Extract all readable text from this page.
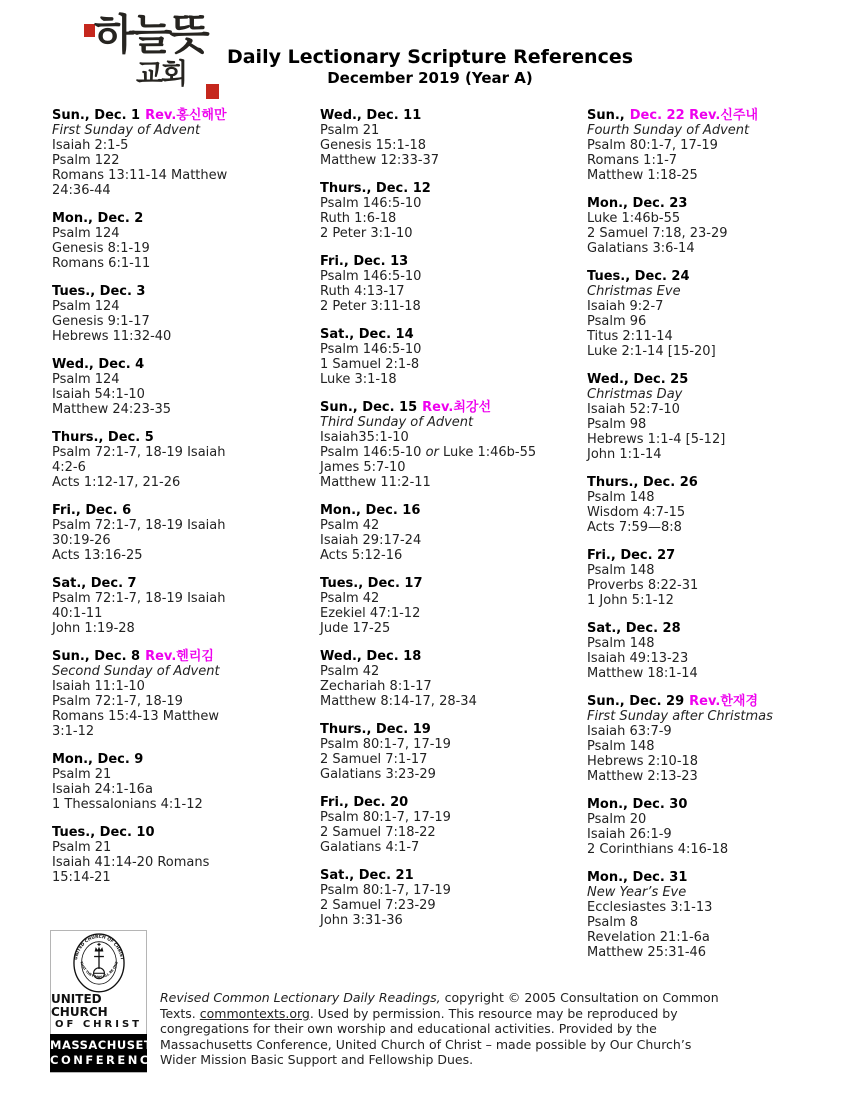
하늘뜻
교회	Daily Lectionary Scripture References
December 2019 (Year A)
Sun., Dec. 1 Rev.홍신해만
First Sunday of Advent
Isaiah 2:1-5
Psalm 122
Romans 13:11-14 Matthew
24:36-44
Mon., Dec. 2
Psalm 124
Genesis 8:1-19
Romans 6:1-11
Tues., Dec. 3
Psalm 124
Genesis 9:1-17
Hebrews 11:32-40
Wed., Dec. 4
Psalm 124
Isaiah 54:1-10
Matthew 24:23-35
Thurs., Dec. 5
Psalm 72:1-7, 18-19 Isaiah
4:2-6
Acts 1:12-17, 21-26
Fri., Dec. 6
Psalm 72:1-7, 18-19 Isaiah
30:19-26
Acts 13:16-25
Sat., Dec. 7
Psalm 72:1-7, 18-19 Isaiah
40:1-11
John 1:19-28
Sun., Dec. 8 Rev.헨리김
Second Sunday of Advent
Isaiah 11:1-10
Psalm 72:1-7, 18-19
Romans 15:4-13 Matthew
3:1-12
Mon., Dec. 9
Psalm 21
Isaiah 24:1-16a
1 Thessalonians 4:1-12
Tues., Dec. 10
Psalm 21
Isaiah 41:14-20 Romans
15:14-21
Wed., Dec. 11
Psalm 21
Genesis 15:1-18
Matthew 12:33-37
Thurs., Dec. 12
Psalm 146:5-10
Ruth 1:6-18
2 Peter 3:1-10
Fri., Dec. 13
Psalm 146:5-10
Ruth 4:13-17
2 Peter 3:11-18
Sat., Dec. 14
Psalm 146:5-10
1 Samuel 2:1-8
Luke 3:1-18
Sun., Dec. 15 Rev.최강선
Third Sunday of Advent
Isaiah35:1-10
Psalm 146:5-10 or Luke 1:46b-55
James 5:7-10
Matthew 11:2-11
Mon., Dec. 16
Psalm 42
Isaiah 29:17-24
Acts 5:12-16
Tues., Dec. 17
Psalm 42
Ezekiel 47:1-12
Jude 17-25
Wed., Dec. 18
Psalm 42
Zechariah 8:1-17
Matthew 8:14-17, 28-34
Thurs., Dec. 19
Psalm 80:1-7, 17-19
2 Samuel 7:1-17
Galatians 3:23-29
Fri., Dec. 20
Psalm 80:1-7, 17-19
2 Samuel 7:18-22
Galatians 4:1-7
Sat., Dec. 21
Psalm 80:1-7, 17-19
2 Samuel 7:23-29
John 3:31-36
Sun., Dec. 22 Rev.신주내
Fourth Sunday of Advent
Psalm 80:1-7, 17-19
Romans 1:1-7
Matthew 1:18-25
Mon., Dec. 23
Luke 1:46b-55
2 Samuel 7:18, 23-29
Galatians 3:6-14
Tues., Dec. 24
Christmas Eve
Isaiah 9:2-7
Psalm 96
Titus 2:11-14
Luke 2:1-14 [15-20]
Wed., Dec. 25
Christmas Day
Isaiah 52:7-10
Psalm 98
Hebrews 1:1-4 [5-12]
John 1:1-14
Thurs., Dec. 26
Psalm 148
Wisdom 4:7-15
Acts 7:59—8:8
Fri., Dec. 27
Psalm 148
Proverbs 8:22-31
1 John 5:1-12
Sat., Dec. 28
Psalm 148
Isaiah 49:13-23
Matthew 18:1-14
Sun., Dec. 29 Rev.한재경
First Sunday after Christmas
Isaiah 63:7-9
Psalm 148
Hebrews 2:10-18
Matthew 2:13-23
Mon., Dec. 30
Psalm 20
Isaiah 26:1-9
2 Corinthians 4:16-18
Mon., Dec. 31
New Year’s Eve
Ecclesiastes 3:1-13
Psalm 8
Revelation 21:1-6a
Matthew 25:31-46
UNITED CHURCH OF CHRIST
THAT THEY MAY ALL BE ONE
UNITED CHURCH
OF CHRIST
MASSACHUSETTS
CONFERENCE
Revised Common Lectionary Daily Readings, copyright © 2005 Consultation on Common Texts. commontexts.org. Used by permission. This resource may be reproduced by congregations for their own worship and educational activities. Provided by the Massachusetts Conference, United Church of Christ – made possible by Our Church’s Wider Mission Basic Support and Fellowship Dues.
